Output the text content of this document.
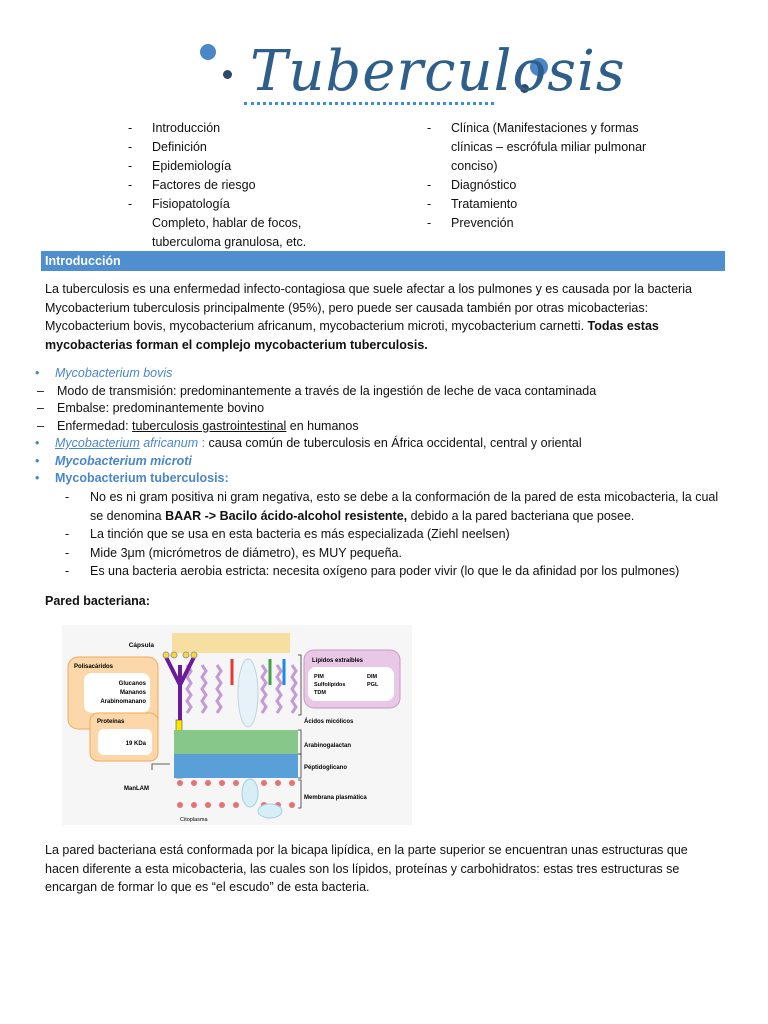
Tuberculosis
-	Introducción
-	Definición
-	Epidemiología
-	Factores de riesgo
-	Fisiopatología
Completo, hablar de focos,
tuberculoma granulosa, etc.
-	Clínica (Manifestaciones y formas
clínicas – escrófula miliar pulmonar
conciso)
-	Diagnóstico
-	Tratamiento
-	Prevención
Introducción
La tuberculosis es una enfermedad infecto-contagiosa que suele afectar a los pulmones y es causada por la bacteria
Mycobacterium tuberculosis principalmente (95%), pero puede ser causada también por otras micobacterias:
Mycobacterium bovis, mycobacterium africanum, mycobacterium microti, mycobacterium carnetti. Todas estas
mycobacterias forman el complejo mycobacterium tuberculosis.
•	Mycobacterium bovis
–	Modo de transmisión: predominantemente a través de la ingestión de leche de vaca contaminada
–	Embalse: predominantemente bovino
–	Enfermedad: tuberculosis gastrointestinal en humanos
•	Mycobacterium africanum : causa común de tuberculosis en África occidental, central y oriental
•	Mycobacterium microti
•	Mycobacterium tuberculosis:
-	No es ni gram positiva ni gram negativa, esto se debe a la conformación de la pared de esta micobacteria, la cual
se denomina BAAR -> Bacilo ácido-alcohol resistente, debido a la pared bacteriana que posee.
-	La tinción que se usa en esta bacteria es más especializada (Ziehl neelsen)
-	Mide 3μm (micrómetros de diámetro), es MUY pequeña.
-	Es una bacteria aerobia estricta: necesita oxígeno para poder vivir (lo que le da afinidad por los pulmones)
Pared bacteriana:
Cápsula
Polisacáridos
Glucanos
Mananos
Arabinomanano
Proteínas
19 KDa
Lípidos extraíbles
PIM
Sulfolípidos
TDM
DIM
PGL
Ácidos micólicos
Arabinogalactan
Péptidoglicano
Membrana plasmática
ManLAM
Citoplasma
La pared bacteriana está conformada por la bicapa lipídica, en la parte superior se encuentran unas estructuras que
hacen diferente a esta micobacteria, las cuales son los lípidos, proteínas y carbohidratos: estas tres estructuras se
encargan de formar lo que es “el escudo” de esta bacteria.
